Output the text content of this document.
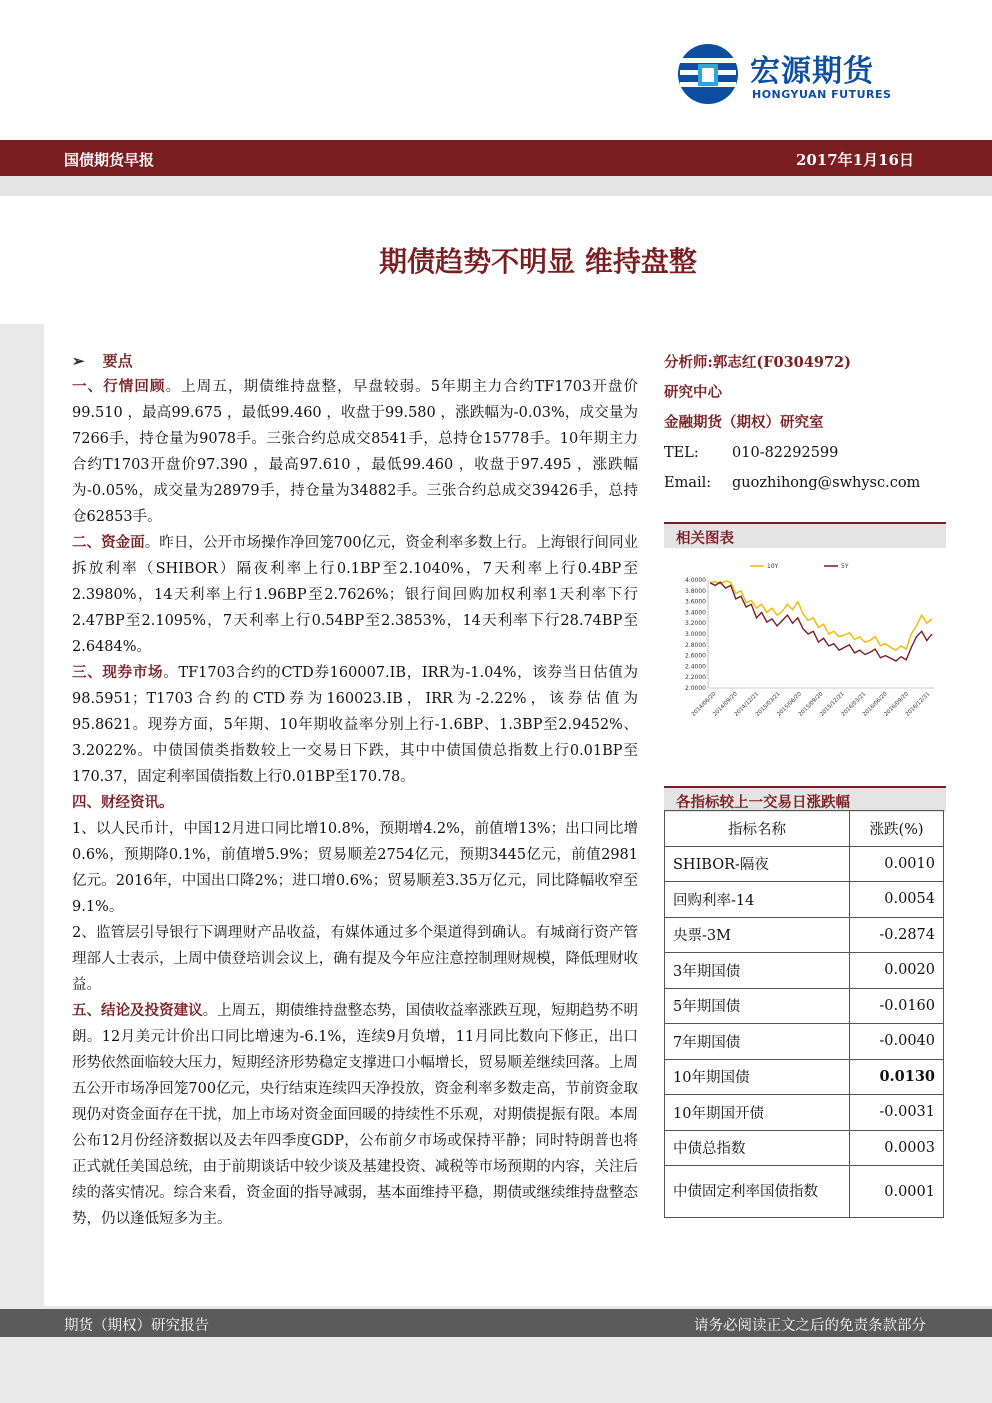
宏源期货
HONGYUAN FUTURES
国债期货早报	2017年1月16日
期债趋势不明显 维持盘整
➢ 要点

一、行情回顾。上周五，期债维持盘整，早盘较弱。5年期主力合约TF1703开盘价99.510 ，最高99.675 ，最低99.460 ，收盘于99.580 ，涨跌幅为-0.03%，成交量为7266手，持仓量为9078手。三张合约总成交8541手，总持仓15778手。10年期主力合约T1703开盘价97.390 ，最高97.610 ，最低99.460 ，收盘于97.495 ，涨跌幅为-0.05%，成交量为28979手，持仓量为34882手。三张合约总成交39426手，总持仓62853手。

二、资金面。昨日，公开市场操作净回笼700亿元，资金利率多数上行。上海银行间同业拆放利率（SHIBOR）隔夜利率上行0.1BP至2.1040%，7天利率上行0.4BP至2.3980%，14天利率上行1.96BP至2.7626%；银行间回购加权利率1天利率下行2.47BP至2.1095%，7天利率上行0.54BP至2.3853%，14天利率下行28.74BP至2.6484%。

三、现券市场。TF1703合约的CTD券160007.IB，IRR为-1.04%，该券当日估值为98.5951；T1703合约的CTD券为160023.IB，IRR为-2.22%，该券估值为95.8621。现券方面，5年期、10年期收益率分别上行-1.6BP、1.3BP至2.9452%、3.2022%。中债国债类指数较上一交易日下跌，其中中债国债总指数上行0.01BP至170.37，固定利率国债指数上行0.01BP至170.78。

四、财经资讯。

1、以人民币计，中国12月进口同比增10.8%，预期增4.2%，前值增13%；出口同比增0.6%，预期降0.1%，前值增5.9%；贸易顺差2754亿元，预期3445亿元，前值2981亿元。2016年，中国出口降2%；进口增0.6%；贸易顺差3.35万亿元，同比降幅收窄至9.1%。

2、监管层引导银行下调理财产品收益，有媒体通过多个渠道得到确认。有城商行资产管理部人士表示，上周中债登培训会议上，确有提及今年应注意控制理财规模，降低理财收益。

五、结论及投资建议。上周五，期债维持盘整态势，国债收益率涨跌互现，短期趋势不明朗。12月美元计价出口同比增速为-6.1%，连续9月负增，11月同比数向下修正，出口形势依然面临较大压力，短期经济形势稳定支撑进口小幅增长，贸易顺差继续回落。上周五公开市场净回笼700亿元，央行结束连续四天净投放，资金利率多数走高，节前资金取现仍对资金面存在干扰，加上市场对资金面回暖的持续性不乐观，对期债提振有限。本周公布12月份经济数据以及去年四季度GDP，公布前夕市场或保持平静；同时特朗普也将正式就任美国总统，由于前期谈话中较少谈及基建投资、减税等市场预期的内容，关注后续的落实情况。综合来看，资金面的指导减弱，基本面维持平稳，期债或继续维持盘整态势，仍以逢低短多为主。

分析师:郭志红(F0304972)
研究中心
金融期货（期权）研究室
TEL: 010-82292599
Email: guozhihong@swhysc.com
相关图表
4.0000
3.8000
3.6000
3.4000
3.2000
3.0000
2.8000
2.6000
2.4000
2.2000
2.0000
2014/06/20
2014/09/20
2014/12/21
2015/03/21
2015/06/20
2015/09/20
2015/12/21
2016/03/21
2016/06/20
2016/09/20
2016/12/31
10Y	5Y
各指标较上一交易日涨跌幅
指标名称	涨跌(%)
SHIBOR-隔夜	0.0010
回购利率-14	0.0054
央票-3M	-0.2874
3年期国债	0.0020
5年期国债	-0.0160
7年期国债	-0.0040
10年期国债	0.0130
10年期国开债	-0.0031
中债总指数	0.0003
中债固定利率国债指数	0.0001
期货（期权）研究报告	请务必阅读正文之后的免责条款部分
